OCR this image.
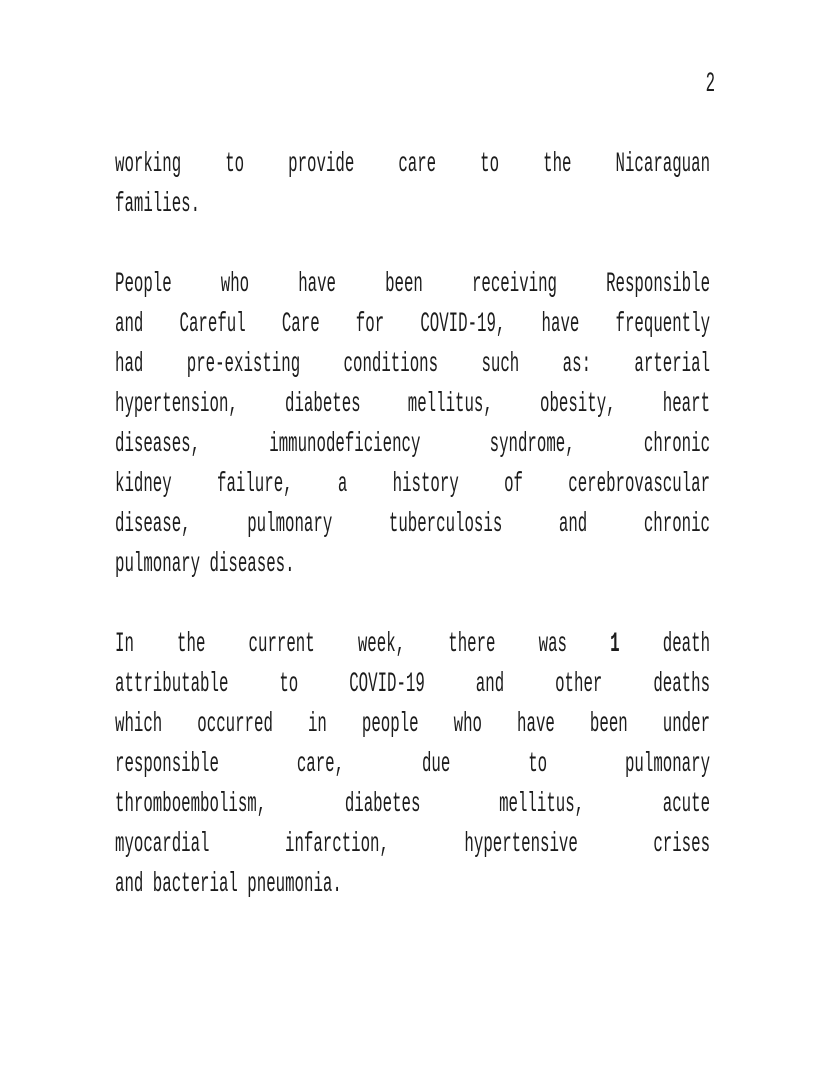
2
working to provide care to the Nicaraguan
families.
People who have been receiving Responsible
and Careful Care for COVID-19, have frequently
had pre-existing conditions such as: arterial
hypertension, diabetes mellitus, obesity, heart
diseases, immunodeficiency syndrome, chronic
kidney failure, a history of cerebrovascular
disease, pulmonary tuberculosis and chronic
pulmonary diseases.
In the current week, there was 1 death
attributable to COVID-19 and other deaths
which occurred in people who have been under
responsible care, due to pulmonary
thromboembolism, diabetes mellitus, acute
myocardial infarction, hypertensive crises
and bacterial pneumonia.
